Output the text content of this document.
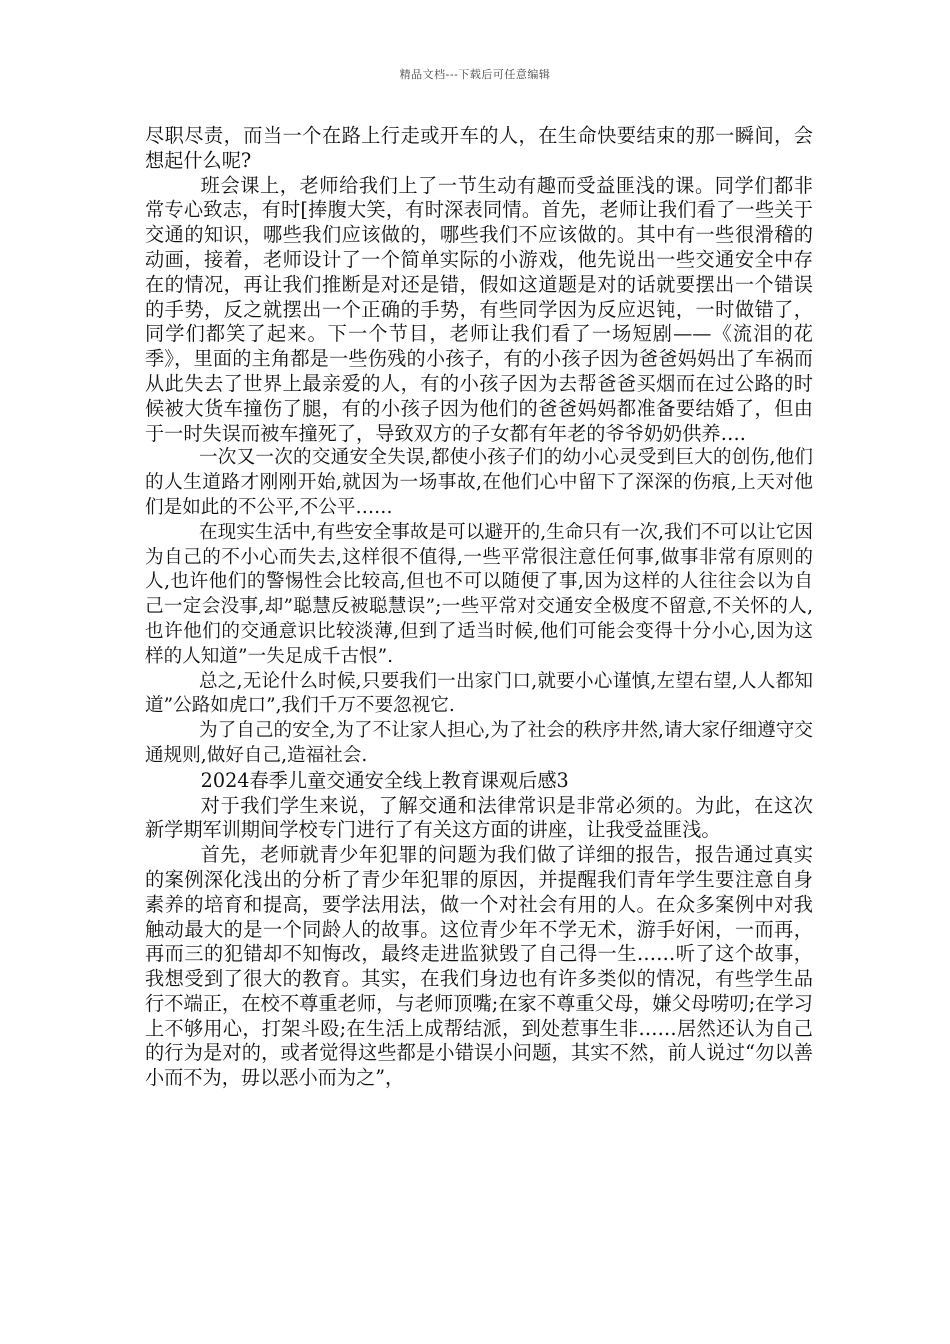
精品文档---下载后可任意编辑

尽职尽责，而当一个在路上行走或开车的人，在生命快要结束的那一瞬间，会想起什么呢?

班会课上，老师给我们上了一节生动有趣而受益匪浅的课。同学们都非常专心致志，有时[捧腹大笑，有时深表同情。首先，老师让我们看了一些关于交通的知识，哪些我们应该做的，哪些我们不应该做的。其中有一些很滑稽的动画，接着，老师设计了一个简单实际的小游戏，他先说出一些交通安全中存在的情况，再让我们推断是对还是错，假如这道题是对的话就要摆出一个错误的手势，反之就摆出一个正确的手势，有些同学因为反应迟钝，一时做错了，同学们都笑了起来。下一个节目，老师让我们看了一场短剧——《流泪的花季》，里面的主角都是一些伤残的小孩子，有的小孩子因为爸爸妈妈出了车祸而从此失去了世界上最亲爱的人，有的小孩子因为去帮爸爸买烟而在过公路的时候被大货车撞伤了腿，有的小孩子因为他们的爸爸妈妈都准备要结婚了，但由于一时失误而被车撞死了，导致双方的子女都有年老的爷爷奶奶供养….

一次又一次的交通安全失误,都使小孩子们的幼小心灵受到巨大的创伤,他们的人生道路才刚刚开始,就因为一场事故,在他们心中留下了深深的伤痕,上天对他们是如此的不公平,不公平……

在现实生活中,有些安全事故是可以避开的,生命只有一次,我们不可以让它因为自己的不小心而失去,这样很不值得,一些平常很注意任何事,做事非常有原则的人,也许他们的警惕性会比较高,但也不可以随便了事,因为这样的人往往会以为自己一定会没事,却”聪慧反被聪慧误”;一些平常对交通安全极度不留意,不关怀的人,也许他们的交通意识比较淡薄,但到了适当时候,他们可能会变得十分小心,因为这样的人知道”一失足成千古恨”.

总之,无论什么时候,只要我们一出家门口,就要小心谨慎,左望右望,人人都知道”公路如虎口”,我们千万不要忽视它.

为了自己的安全,为了不让家人担心,为了社会的秩序井然,请大家仔细遵守交通规则,做好自己,造福社会.

2024春季儿童交通安全线上教育课观后感3

对于我们学生来说，了解交通和法律常识是非常必须的。为此，在这次新学期军训期间学校专门进行了有关这方面的讲座，让我受益匪浅。

首先，老师就青少年犯罪的问题为我们做了详细的报告，报告通过真实的案例深化浅出的分析了青少年犯罪的原因，并提醒我们青年学生要注意自身素养的培育和提高，要学法用法，做一个对社会有用的人。在众多案例中对我触动最大的是一个同龄人的故事。这位青少年不学无术，游手好闲，一而再，再而三的犯错却不知悔改，最终走进监狱毁了自己得一生……听了这个故事，我想受到了很大的教育。其实，在我们身边也有许多类似的情况，有些学生品行不端正，在校不尊重老师，与老师顶嘴;在家不尊重父母，嫌父母唠叨;在学习上不够用心，打架斗殴;在生活上成帮结派，到处惹事生非……居然还认为自己的行为是对的，或者觉得这些都是小错误小问题，其实不然，前人说过“勿以善小而不为，毋以恶小而为之”，
